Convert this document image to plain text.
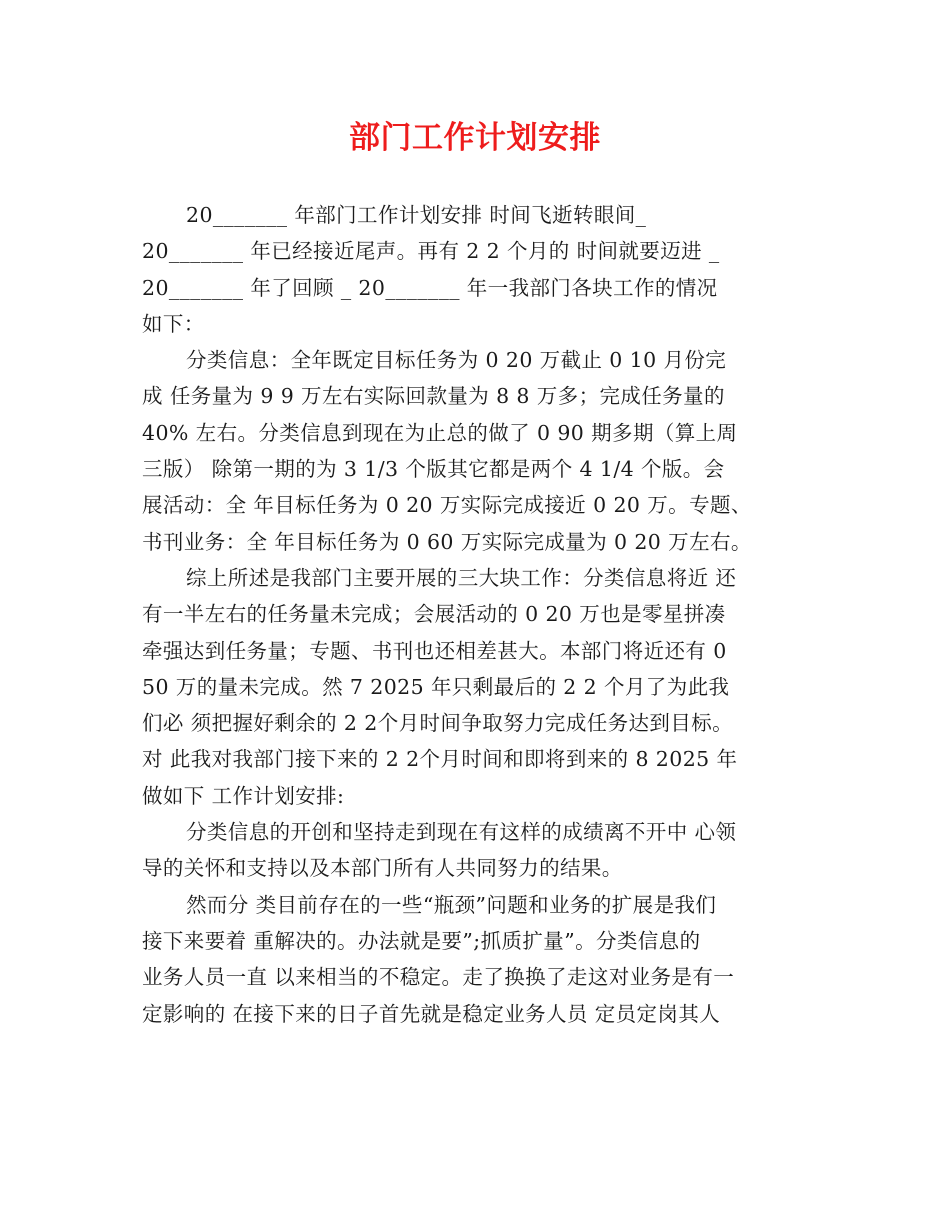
部门工作计划安排
20_______ 年部门工作计划安排 时间飞逝转眼间_
20_______ 年已经接近尾声。再有 2 2 个月的 时间就要迈进 _
20_______ 年了回顾 _ 20_______ 年一我部门各块工作的情况
如下：
分类信息：全年既定目标任务为 0 20 万截止 0 10 月份完
成 任务量为 9 9 万左右实际回款量为 8 8 万多；完成任务量的
40% 左右。分类信息到现在为止总的做了 0 90 期多期（算上周
三版） 除第一期的为 3 1/3 个版其它都是两个 4 1/4 个版。会
展活动：全 年目标任务为 0 20 万实际完成接近 0 20 万。专题、
书刊业务：全 年目标任务为 0 60 万实际完成量为 0 20 万左右。
综上所述是我部门主要开展的三大块工作：分类信息将近 还
有一半左右的任务量未完成；会展活动的 0 20 万也是零星拼凑
牵强达到任务量；专题、书刊也还相差甚大。本部门将近还有 0
50 万的量未完成。然 7 2025 年只剩最后的 2 2 个月了为此我
们必 须把握好剩余的 2 2个月时间争取努力完成任务达到目标。
对 此我对我部门接下来的 2 2个月时间和即将到来的 8 2025 年
做如下 工作计划安排:
分类信息的开创和坚持走到现在有这样的成绩离不开中 心领
导的关怀和支持以及本部门所有人共同努力的结果。
然而分 类目前存在的一些“瓶颈”问题和业务的扩展是我们
接下来要着 重解决的。办法就是要”;抓质扩量”。分类信息的
业务人员一直 以来相当的不稳定。走了换换了走这对业务是有一
定影响的 在接下来的日子首先就是稳定业务人员 定员定岗其人
